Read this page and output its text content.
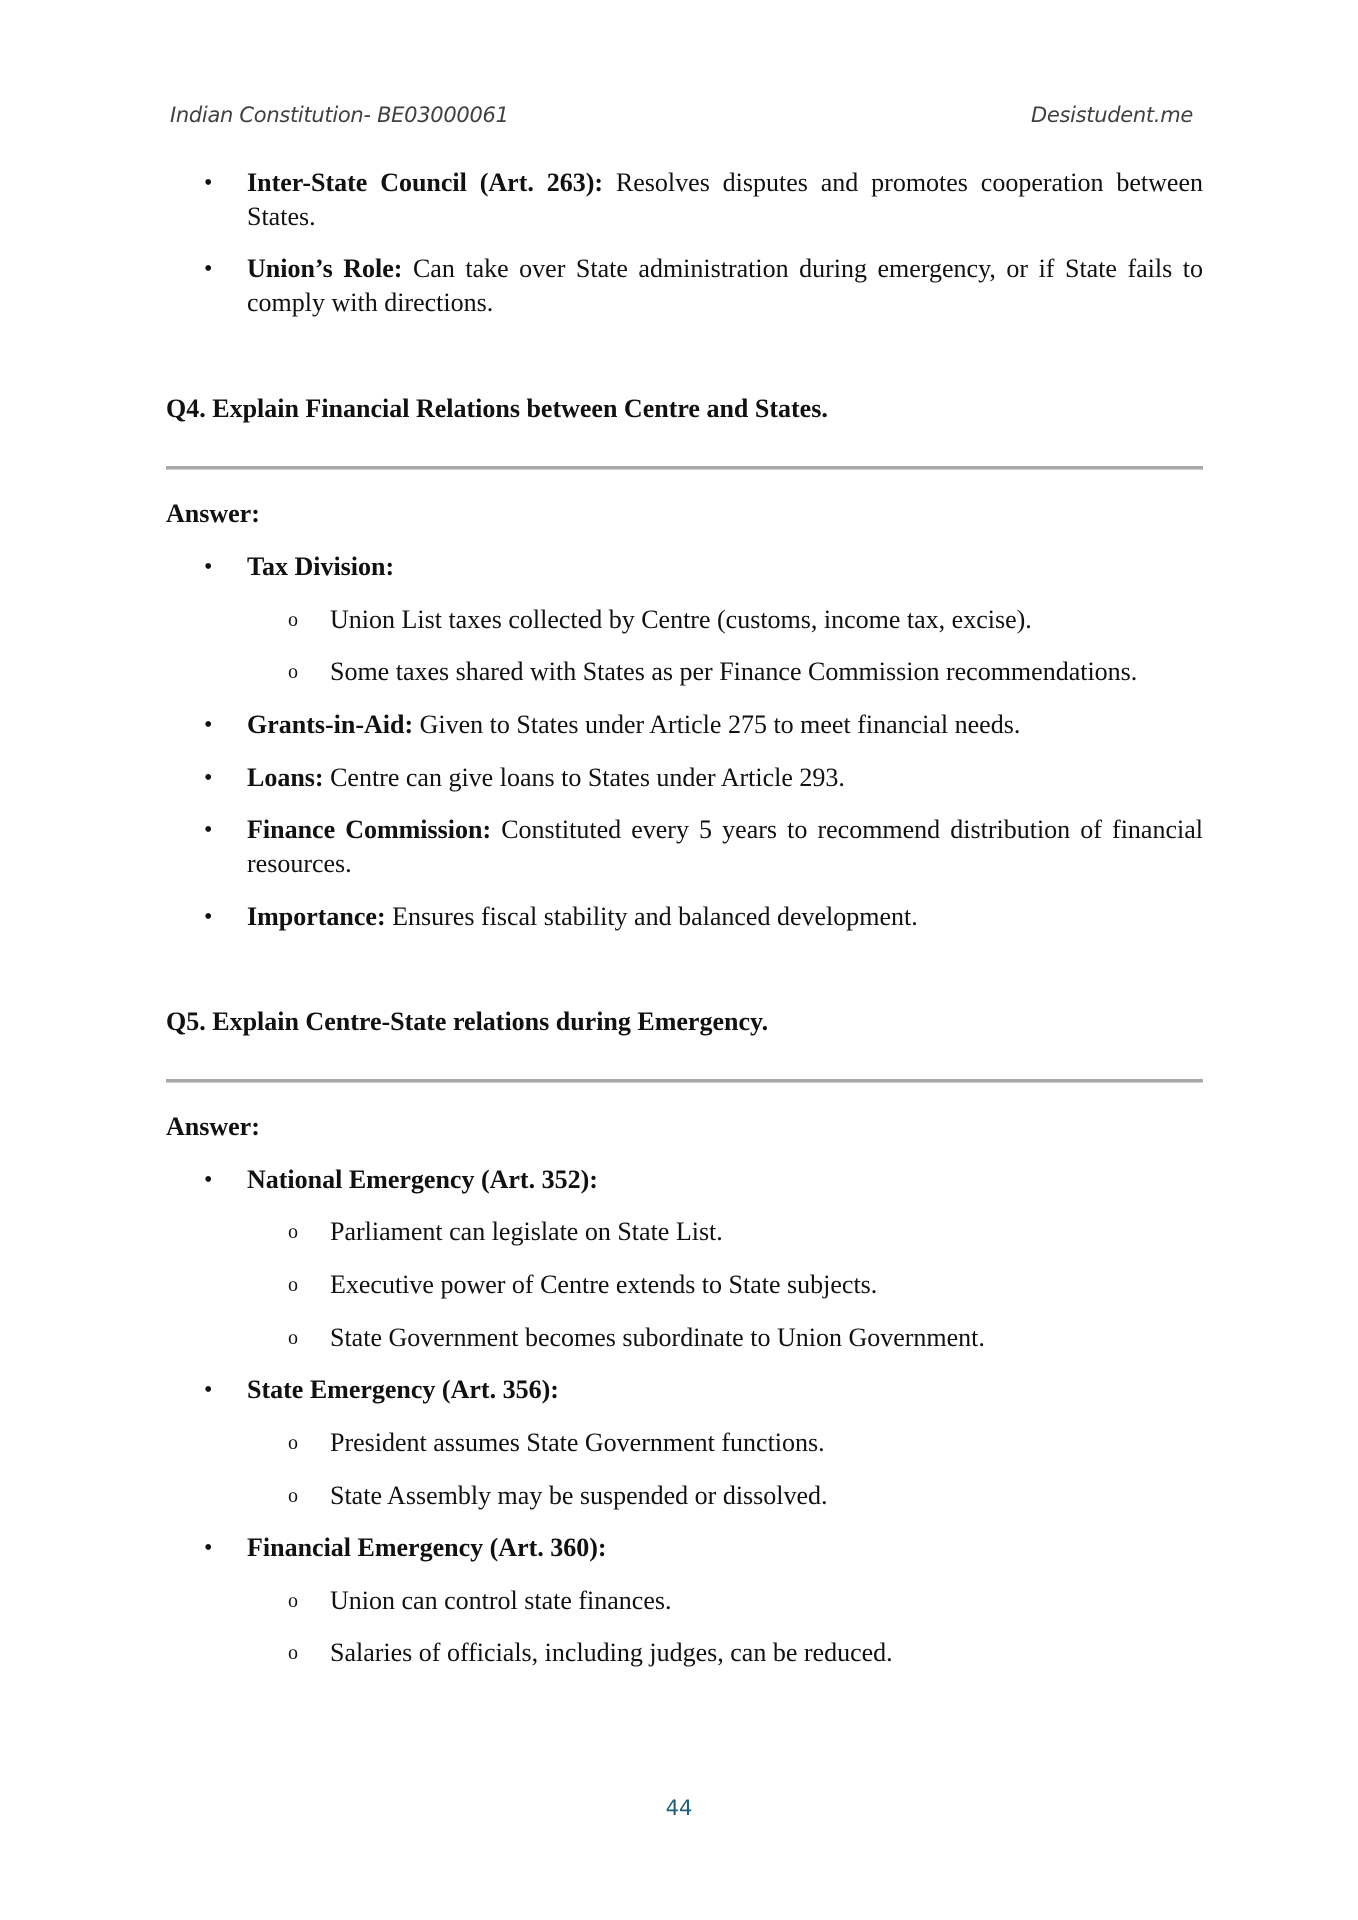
Indian Constitution- BE03000061	Desistudent.me
• Inter-State Council (Art. 263): Resolves disputes and promotes cooperation between States.
• Union’s Role: Can take over State administration during emergency, or if State fails to comply with directions.
Q4. Explain Financial Relations between Centre and States.
Answer:
• Tax Division:
o Union List taxes collected by Centre (customs, income tax, excise).
o Some taxes shared with States as per Finance Commission recommendations.
• Grants-in-Aid: Given to States under Article 275 to meet financial needs.
• Loans: Centre can give loans to States under Article 293.
• Finance Commission: Constituted every 5 years to recommend distribution of financial resources.
• Importance: Ensures fiscal stability and balanced development.
Q5. Explain Centre-State relations during Emergency.
Answer:
• National Emergency (Art. 352):
o Parliament can legislate on State List.
o Executive power of Centre extends to State subjects.
o State Government becomes subordinate to Union Government.
• State Emergency (Art. 356):
o President assumes State Government functions.
o State Assembly may be suspended or dissolved.
• Financial Emergency (Art. 360):
o Union can control state finances.
o Salaries of officials, including judges, can be reduced.
44
